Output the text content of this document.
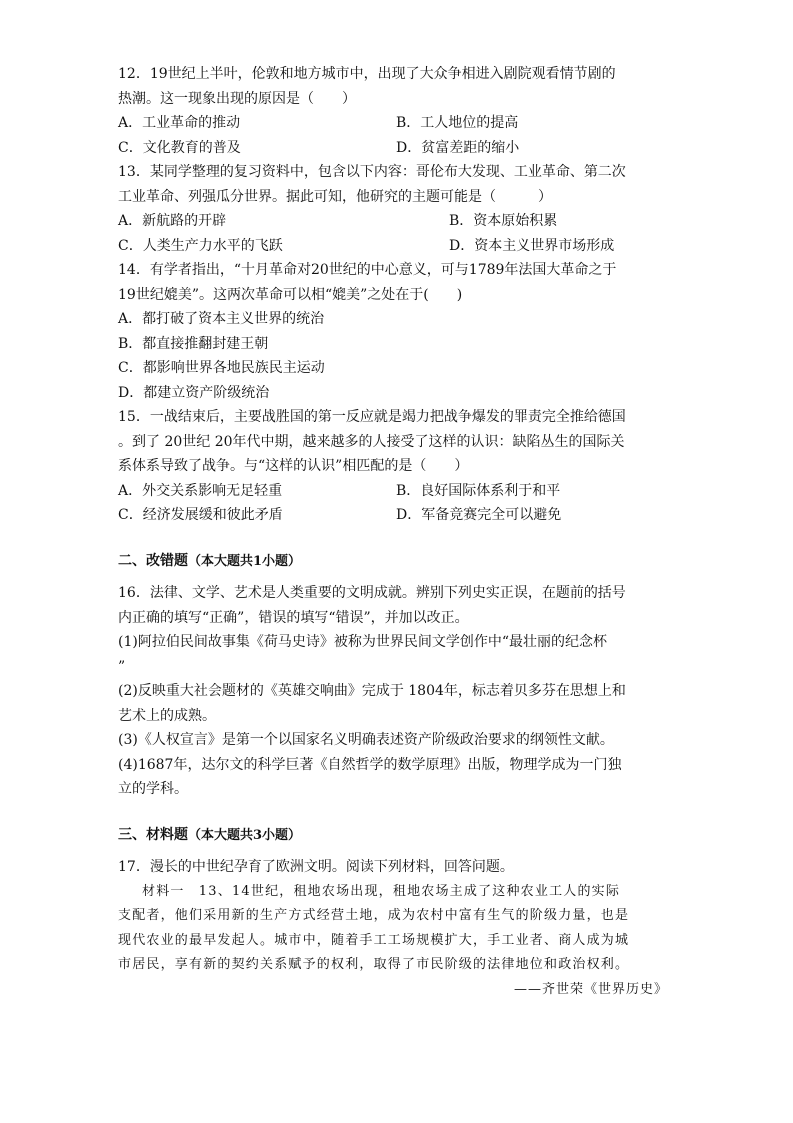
12．19世纪上半叶，伦敦和地方城市中，出现了大众争相进入剧院观看情节剧的
热潮。这一现象出现的原因是（　　）
A．工业革命的推动	B．工人地位的提高
C．文化教育的普及	D．贫富差距的缩小
13．某同学整理的复习资料中，包含以下内容：哥伦布大发现、工业革命、第二次
工业革命、列强瓜分世界。据此可知，他研究的主题可能是（　　　）
A．新航路的开辟	B．资本原始积累
C．人类生产力水平的飞跃	D．资本主义世界市场形成
14．有学者指出，“十月革命对20世纪的中心意义，可与1789年法国大革命之于
19世纪媲美”。这两次革命可以相“媲美”之处在于(　　)
A．都打破了资本主义世界的统治
B．都直接推翻封建王朝
C．都影响世界各地民族民主运动
D．都建立资产阶级统治
15．一战结束后，主要战胜国的第一反应就是竭力把战争爆发的罪责完全推给德国
。到了 20世纪 20年代中期，越来越多的人接受了这样的认识：缺陷丛生的国际关
系体系导致了战争。与“这样的认识”相匹配的是（　　）
A．外交关系影响无足轻重	B．良好国际体系利于和平
C．经济发展缓和彼此矛盾	D．军备竞赛完全可以避免
二、改错题（本大题共1小题）
16．法律、文学、艺术是人类重要的文明成就。辨别下列史实正误，在题前的括号
内正确的填写“正确”，错误的填写“错误”，并加以改正。
(1)阿拉伯民间故事集《荷马史诗》被称为世界民间文学创作中“最壮丽的纪念杯
”
(2)反映重大社会题材的《英雄交响曲》完成于 1804年，标志着贝多芬在思想上和
艺术上的成熟。
(3)《人权宣言》是第一个以国家名义明确表述资产阶级政治要求的纲领性文献。
(4)1687年，达尔文的科学巨著《自然哲学的数学原理》出版，物理学成为一门独
立的学科。
三、材料题（本大题共3小题）
17．漫长的中世纪孕育了欧洲文明。阅读下列材料，回答问题。
材料一　13、14世纪，租地农场出现，租地农场主成了这种农业工人的实际
支配者，他们采用新的生产方式经营土地，成为农村中富有生气的阶级力量，也是
现代农业的最早发起人。城市中，随着手工工场规模扩大，手工业者、商人成为城
市居民，享有新的契约关系赋予的权利，取得了市民阶级的法律地位和政治权利。
——齐世荣《世界历史》
